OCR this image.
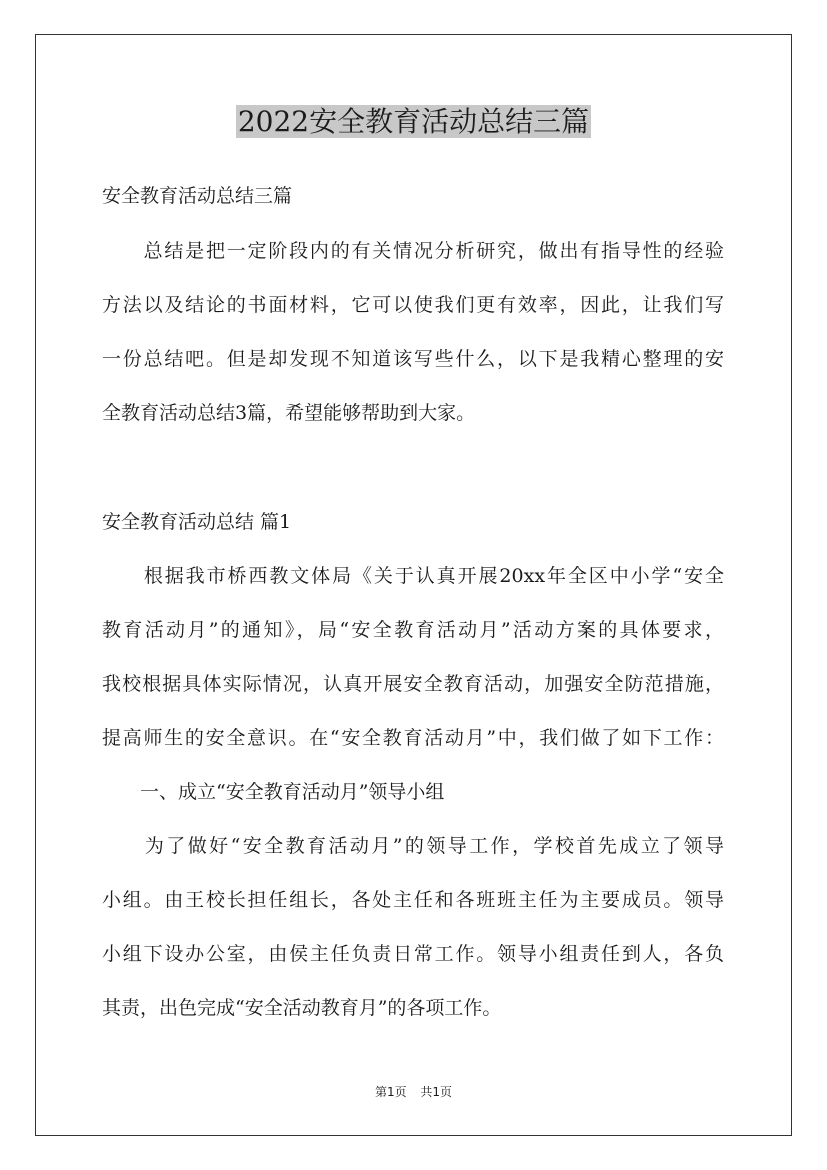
2022安全教育活动总结三篇
安全教育活动总结三篇
　　总结是把一定阶段内的有关情况分析研究，做出有指导性的经验
方法以及结论的书面材料，它可以使我们更有效率，因此，让我们写
一份总结吧。但是却发现不知道该写些什么，以下是我精心整理的安
全教育活动总结3篇，希望能够帮助到大家。
安全教育活动总结 篇1
　　根据我市桥西教文体局《关于认真开展20xx年全区中小学“安全
教育活动月”的通知》，局“安全教育活动月”活动方案的具体要求，
我校根据具体实际情况，认真开展安全教育活动，加强安全防范措施，
提高师生的安全意识。在“安全教育活动月”中，我们做了如下工作：
　　一、成立“安全教育活动月”领导小组
　　为了做好“安全教育活动月”的领导工作，学校首先成立了领导
小组。由王校长担任组长，各处主任和各班班主任为主要成员。领导
小组下设办公室，由侯主任负责日常工作。领导小组责任到人，各负
其责，出色完成“安全活动教育月”的各项工作。
第1页 共1页
